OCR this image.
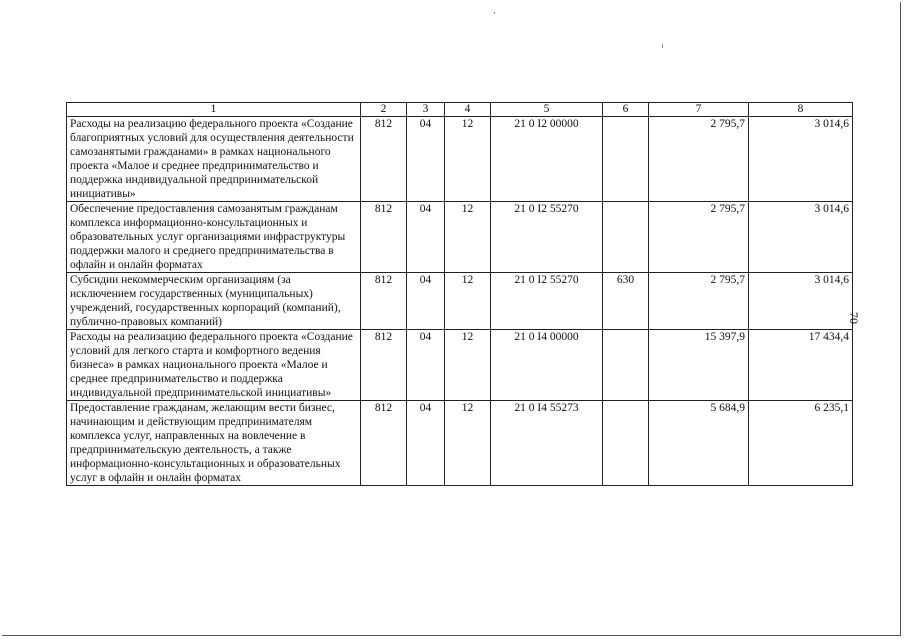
1	2	3	4	5	6	7	8
Расходы на реализацию федерального проекта «Создание благоприятных условий для осуществления деятельности самозанятыми гражданами» в рамках национального проекта «Малое и среднее предпринимательство и поддержка индивидуальной предпринимательской инициативы»	812	04	12	21 0 I2 00000		2 795,7	3 014,6
Обеспечение предоставления самозанятым гражданам комплекса информационно-консультационных и образовательных услуг организациями инфраструктуры поддержки малого и среднего предпринимательства в офлайн и онлайн форматах	812	04	12	21 0 I2 55270		2 795,7	3 014,6
Субсидии некоммерческим организациям (за исключением государственных (муниципальных) учреждений, государственных корпораций (компаний), публично-правовых компаний)	812	04	12	21 0 I2 55270	630	2 795,7	3 014,6
Расходы на реализацию федерального проекта «Создание условий для легкого старта и комфортного ведения бизнеса» в рамках национального проекта «Малое и среднее предпринимательство и поддержка индивидуальной предпринимательской инициативы»	812	04	12	21 0 I4 00000		15 397,9	17 434,4
Предоставление гражданам, желающим вести бизнес, начинающим и действующим предпринимателям комплекса услуг, направленных на вовлечение в предпринимательскую деятельность, а также информационно-консультационных и образовательных услуг в офлайн и онлайн форматах	812	04	12	21 0 I4 55273		5 684,9	6 235,1
70
